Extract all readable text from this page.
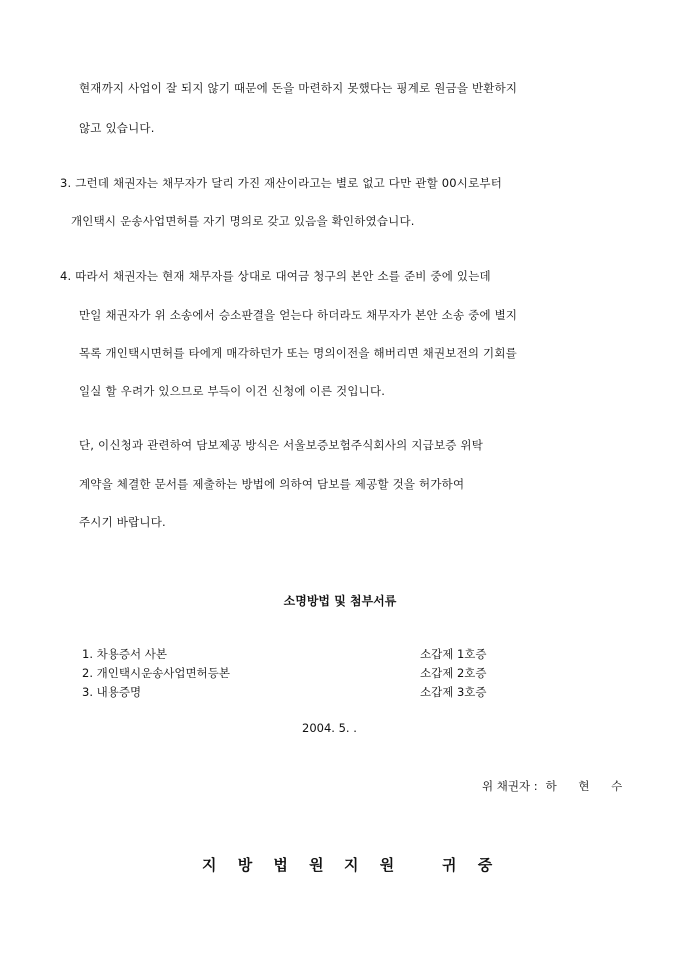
현재까지 사업이 잘 되지 않기 때문에 돈을 마련하지 못했다는 핑계로 원금을 반환하지
않고 있습니다.
3. 그런데 채권자는 채무자가 달리 가진 재산이라고는 별로 없고 다만 관할 00시로부터
개인택시 운송사업면허를 자기 명의로 갖고 있음을 확인하였습니다.
4. 따라서 채권자는 현재 채무자를 상대로 대여금 청구의 본안 소를 준비 중에 있는데
만일 채권자가 위 소송에서 승소판결을 얻는다 하더라도 채무자가 본안 소송 중에 별지
목록 개인택시면허를 타에게 매각하던가 또는 명의이전을 해버리면 채권보전의 기회를
일실 할 우려가 있으므로 부득이 이건 신청에 이른 것입니다.
단, 이신청과 관련하여 담보제공 방식은 서울보증보험주식회사의 지급보증 위탁
계약을 체결한 문서를 제출하는 방법에 의하여 담보를 제공할 것을 허가하여
주시기 바랍니다.
소명방법 및 첨부서류
1. 차용증서 사본	소갑제 1호증
2. 개인택시운송사업면허등본	소갑제 2호증
3. 내용증명	소갑제 3호증
2004. 5. .
위 채권자 : 하 현 수
지 방 법 원 지 원	귀 중
